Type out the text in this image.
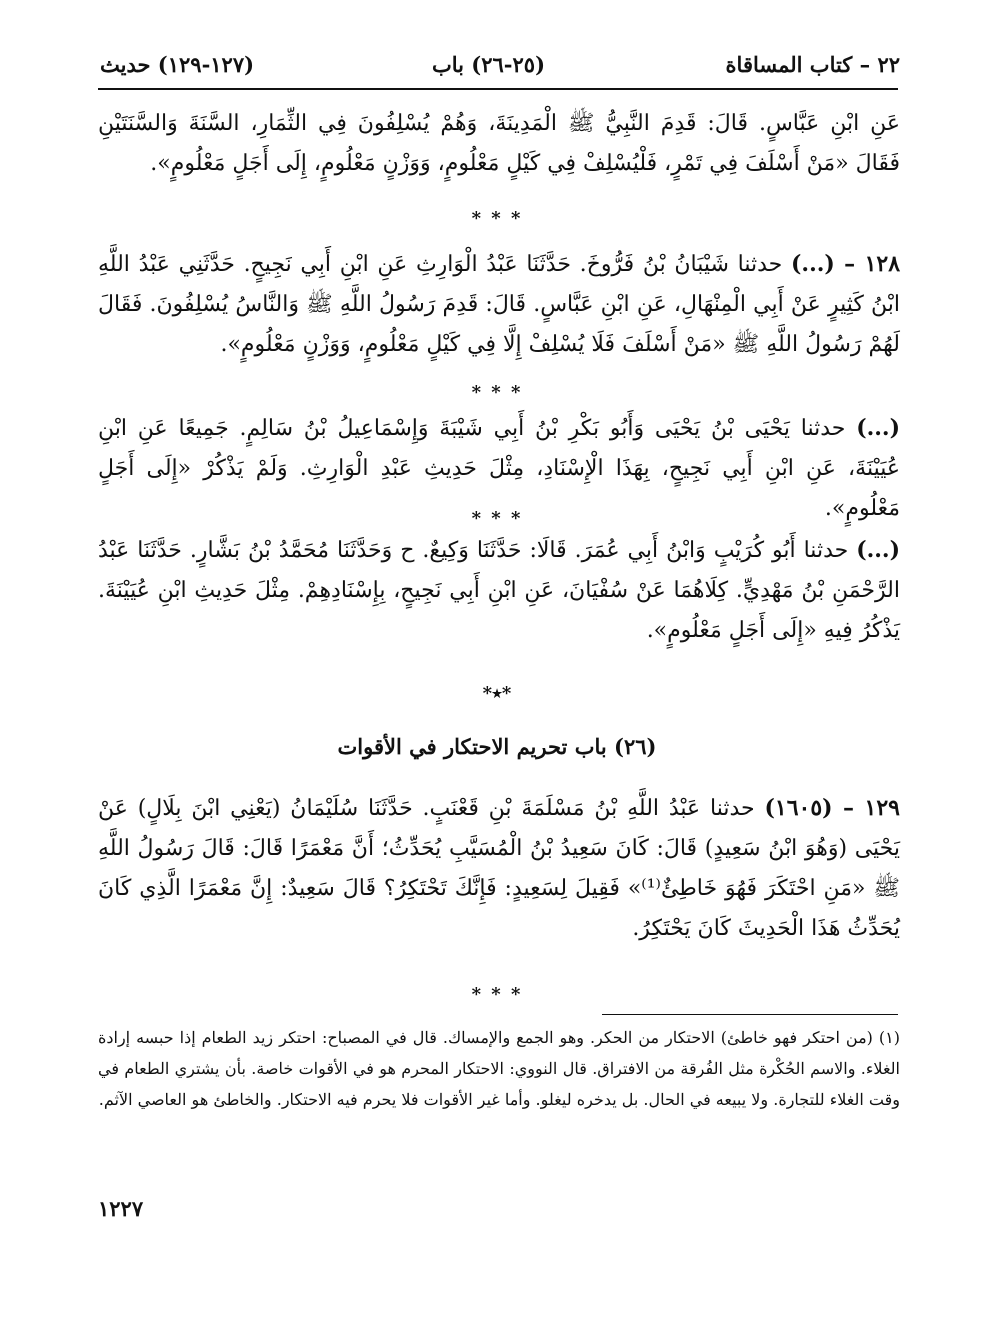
٢٢ – كتاب المساقاة
(٢٥-٢٦) باب
(١٢٧-١٢٩) حديث
عَنِ ابْنِ عَبَّاسٍ. قَالَ: قَدِمَ النَّبِيُّ ﷺ الْمَدِينَةَ، وَهُمْ يُسْلِفُونَ فِي الثِّمَارِ، السَّنَةَ وَالسَّنَتَيْنِ فَقَالَ «مَنْ أَسْلَفَ فِي تَمْرٍ، فَلْيُسْلِفْ فِي كَيْلٍ مَعْلُومٍ، وَوَزْنٍ مَعْلُومٍ، إِلَى أَجَلٍ مَعْلُومٍ».
* * *
١٢٨ – (...) حدثنا شَيْبَانُ بْنُ فَرُّوخَ. حَدَّثَنَا عَبْدُ الْوَارِثِ عَنِ ابْنِ أَبِي نَجِيحٍ. حَدَّثَنِي عَبْدُ اللَّهِ ابْنُ كَثِيرٍ عَنْ أَبِي الْمِنْهَالِ، عَنِ ابْنِ عَبَّاسٍ. قَالَ: قَدِمَ رَسُولُ اللَّهِ ﷺ وَالنَّاسُ يُسْلِفُونَ. فَقَالَ لَهُمْ رَسُولُ اللَّهِ ﷺ «مَنْ أَسْلَفَ فَلَا يُسْلِفْ إِلَّا فِي كَيْلٍ مَعْلُومٍ، وَوَزْنٍ مَعْلُومٍ».
* * *
(...) حدثنا يَحْيَى بْنُ يَحْيَى وَأَبُو بَكْرِ بْنُ أَبِي شَيْبَةَ وَإِسْمَاعِيلُ بْنُ سَالِمٍ. جَمِيعًا عَنِ ابْنِ عُيَيْنَةَ، عَنِ ابْنِ أَبِي نَجِيحٍ، بِهَذَا الْإِسْنَادِ، مِثْلَ حَدِيثِ عَبْدِ الْوَارِثِ. وَلَمْ يَذْكُرْ «إِلَى أَجَلٍ مَعْلُومٍ».
* * *
(...) حدثنا أَبُو كُرَيْبٍ وَابْنُ أَبِي عُمَرَ. قَالَا: حَدَّثَنَا وَكِيعٌ. ح وَحَدَّثَنَا مُحَمَّدُ بْنُ بَشَّارٍ. حَدَّثَنَا عَبْدُ الرَّحْمَنِ بْنُ مَهْدِيٍّ. كِلَاهُمَا عَنْ سُفْيَانَ، عَنِ ابْنِ أَبِي نَجِيحٍ، بِإِسْنَادِهِمْ. مِثْلَ حَدِيثِ ابْنِ عُيَيْنَةَ. يَذْكُرُ فِيهِ «إِلَى أَجَلٍ مَعْلُومٍ».
*٭*
(٢٦) باب تحريم الاحتكار في الأقوات
١٢٩ – (١٦٠٥) حدثنا عَبْدُ اللَّهِ بْنُ مَسْلَمَةَ بْنِ قَعْنَبٍ. حَدَّثَنَا سُلَيْمَانُ (يَعْنِي ابْنَ بِلَالٍ) عَنْ يَحْيَى (وَهُوَ ابْنُ سَعِيدٍ) قَالَ: كَانَ سَعِيدُ بْنُ الْمُسَيَّبِ يُحَدِّثُ؛ أَنَّ مَعْمَرًا قَالَ: قَالَ رَسُولُ اللَّهِ ﷺ «مَنِ احْتَكَرَ فَهُوَ خَاطِئٌ⁽¹⁾» فَقِيلَ لِسَعِيدٍ: فَإِنَّكَ تَحْتَكِرُ؟ قَالَ سَعِيدٌ: إِنَّ مَعْمَرًا الَّذِي كَانَ يُحَدِّثُ هَذَا الْحَدِيثَ كَانَ يَحْتَكِرُ.
* * *
(١) (من احتكر فهو خاطئ) الاحتكار من الحكر. وهو الجمع والإمساك. قال في المصباح: احتكر زيد الطعام إذا حبسه إرادة الغلاء. والاسم الحُكْرة مثل الفُرقة من الافتراق. قال النووي: الاحتكار المحرم هو في الأقوات خاصة. بأن يشتري الطعام في وقت الغلاء للتجارة. ولا يبيعه في الحال. بل يدخره ليغلو. وأما غير الأقوات فلا يحرم فيه الاحتكار. والخاطئ هو العاصي الآثم.
١٢٢٧
